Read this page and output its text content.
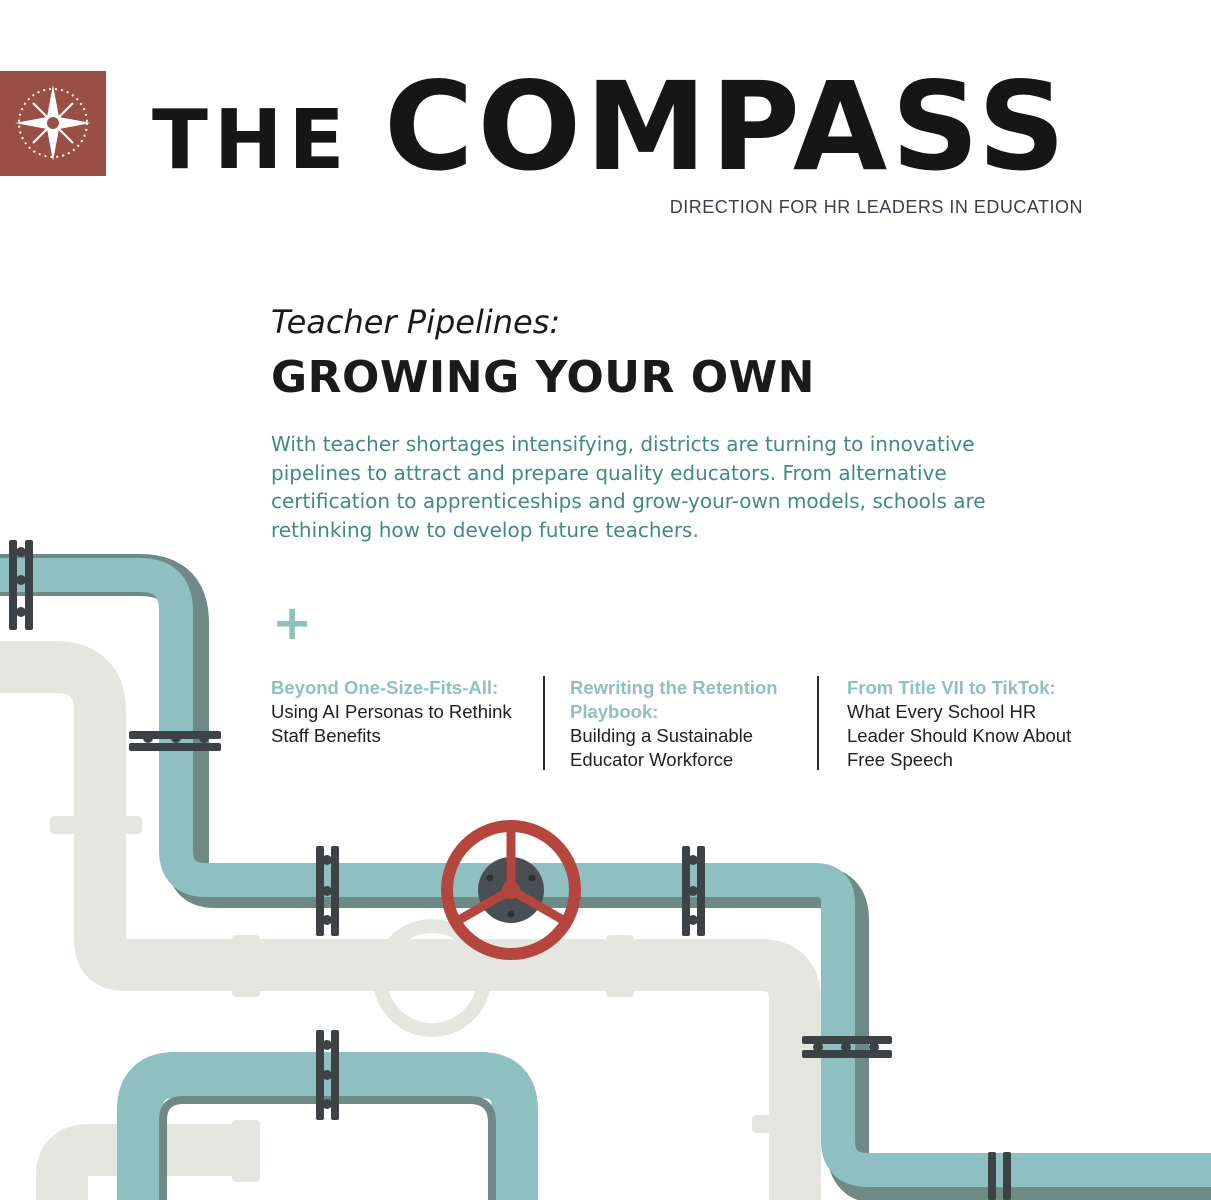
THE COMPASS
DIRECTION FOR HR LEADERS IN EDUCATION

Teacher Pipelines:

GROWING YOUR OWN

With teacher shortages intensifying, districts are turning to innovative pipelines to attract and prepare quality educators. From alternative certification to apprenticeships and grow-your-own models, schools are rethinking how to develop future teachers.

+

Beyond One-Size-Fits-All:

Using AI Personas to Rethink Staff Benefits

Rewriting the Retention Playbook:

Building a Sustainable Educator Workforce

From Title VII to TikTok:

What Every School HR Leader Should Know About Free Speech
